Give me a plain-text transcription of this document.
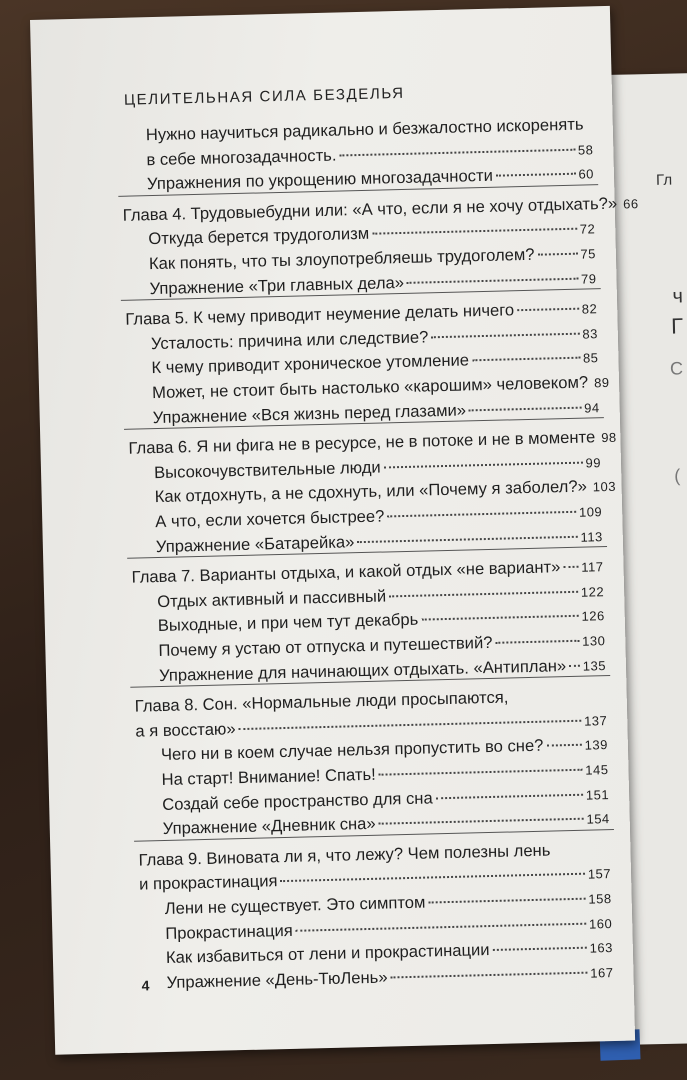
Гл
ч
Г
С
(
ЦЕЛИТЕЛЬНАЯ СИЛА БЕЗДЕЛЬЯ
Нужно научиться радикально и безжалостно искоренять
в себе многозадачность.	58
Упражнения по укрощению многозадачности	60
Глава 4. Трудовыебудни или: «А что, если я не хочу отдыхать?» 66
Откуда берется трудоголизм	72
Как понять, что ты злоупотребляешь трудоголем?	75
Упражнение «Три главных дела»	79
Глава 5. К чему приводит неумение делать ничего	82
Усталость: причина или следствие?	83
К чему приводит хроническое утомление	85
Может, не стоит быть настолько «карошим» человеком? 89
Упражнение «Вся жизнь перед глазами»	94
Глава 6. Я ни фига не в ресурсе, не в потоке и не в моменте 98
Высокочувствительные люди	99
Как отдохнуть, а не сдохнуть, или «Почему я заболел?» 103
А что, если хочется быстрее?	109
Упражнение «Батарейка»	113
Глава 7. Варианты отдыха, и какой отдых «не вариант» 117
Отдых активный и пассивный	122
Выходные, и при чем тут декабрь	126
Почему я устаю от отпуска и путешествий?	130
Упражнение для начинающих отдыхать. «Антиплан» 135
Глава 8. Сон. «Нормальные люди просыпаются,
а я восстаю»	137
Чего ни в коем случае нельзя пропустить во сне?	139
На старт! Внимание! Спать!	145
Создай себе пространство для сна	151
Упражнение «Дневник сна»	154
Глава 9. Виновата ли я, что лежу? Чем полезны лень
и прокрастинация	157
Лени не существует. Это симптом	158
Прокрастинация	160
Как избавиться от лени и прокрастинации	163
Упражнение «День-ТюЛень»	167
4
